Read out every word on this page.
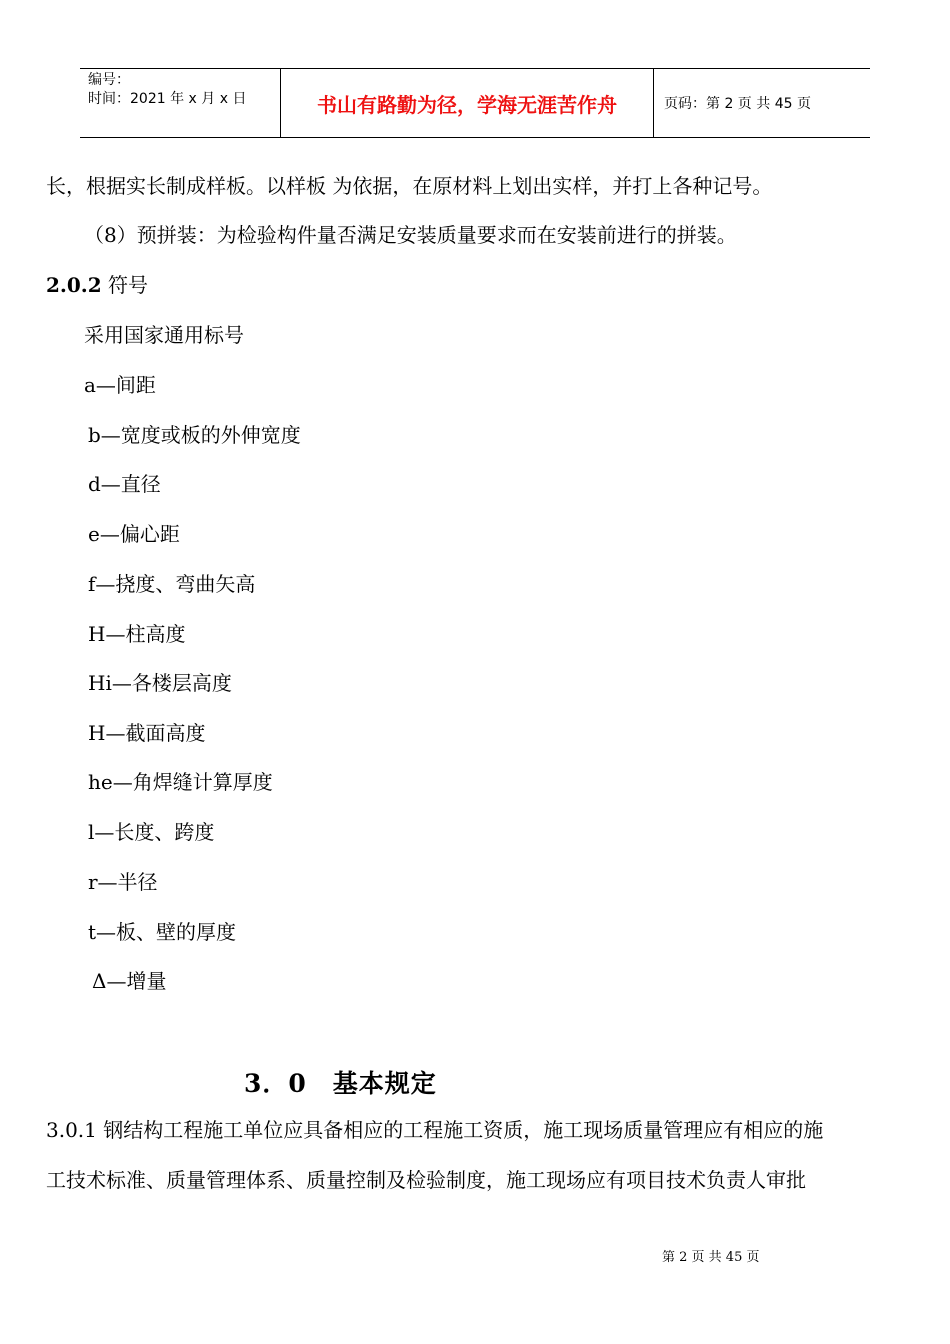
编号：
时间：2021 年 x 月 x 日	书山有路勤为径，学海无涯苦作舟	页码：第 2 页 共 45 页
长，根据实长制成样板。以样板 为依据，在原材料上划出实样，并打上各种记号。
（8）预拼装：为检验构件量否满足安装质量要求而在安装前进行的拼装。
2.0.2 符号
采用国家通用标号
a—间距
b—宽度或板的外伸宽度
d—直径
e—偏心距
f—挠度、弯曲矢高
H—柱高度
Hi—各楼层高度
H—截面高度
he—角焊缝计算厚度
l—长度、跨度
r—半径
t—板、壁的厚度
Δ—增量
3．0　基本规定
3.0.1 钢结构工程施工单位应具备相应的工程施工资质，施工现场质量管理应有相应的施
工技术标准、质量管理体系、质量控制及检验制度，施工现场应有项目技术负责人审批
第 2 页 共 45 页
